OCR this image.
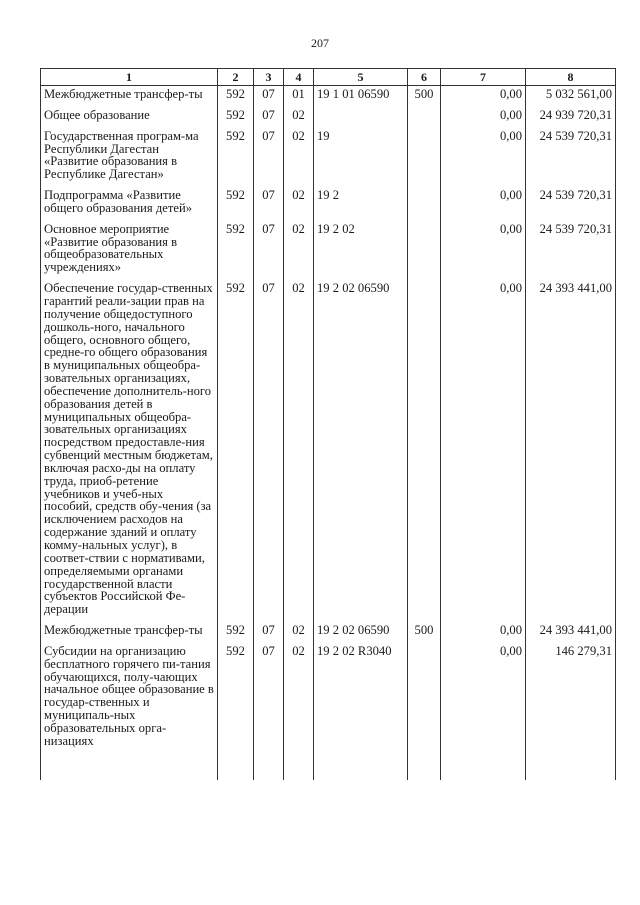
207
1	2	3	4	5	6	7	8
Межбюджетные трансфер-ты	592	07	01	19 1 01 06590	500	0,00	5 032 561,00
Общее образование	592	07	02			0,00	24 939 720,31
Государственная програм-ма Республики Дагестан «Развитие образования в Республике Дагестан»	592	07	02	19		0,00	24 539 720,31
Подпрограмма «Развитие общего образования детей»	592	07	02	19 2		0,00	24 539 720,31
Основное мероприятие «Развитие образования в общеобразовательных учреждениях»	592	07	02	19 2 02		0,00	24 539 720,31
Обеспечение государ-ственных гарантий реали-зации прав на получение общедоступного дошколь-ного, начального общего, основного общего, средне-го общего образования в муниципальных общеобра-зовательных организациях, обеспечение дополнитель-ного образования детей в муниципальных общеобра-зовательных организациях посредством предоставле-ния субвенций местным бюджетам, включая расхо-ды на оплату труда, приоб-ретение учебников и учеб-ных пособий, средств обу-чения (за исключением расходов на содержание зданий и оплату комму-нальных услуг), в соответ-ствии с нормативами, определяемыми органами государственной власти субъектов Российской Фе-дерации	592	07	02	19 2 02 06590		0,00	24 393 441,00
Межбюджетные трансфер-ты	592	07	02	19 2 02 06590	500	0,00	24 393 441,00
Субсидии на организацию бесплатного горячего пи-тания обучающихся, полу-чающих начальное общее образование в государ-ственных и муниципаль-ных образовательных орга-низациях	592	07	02	19 2 02 R3040		0,00	146 279,31
